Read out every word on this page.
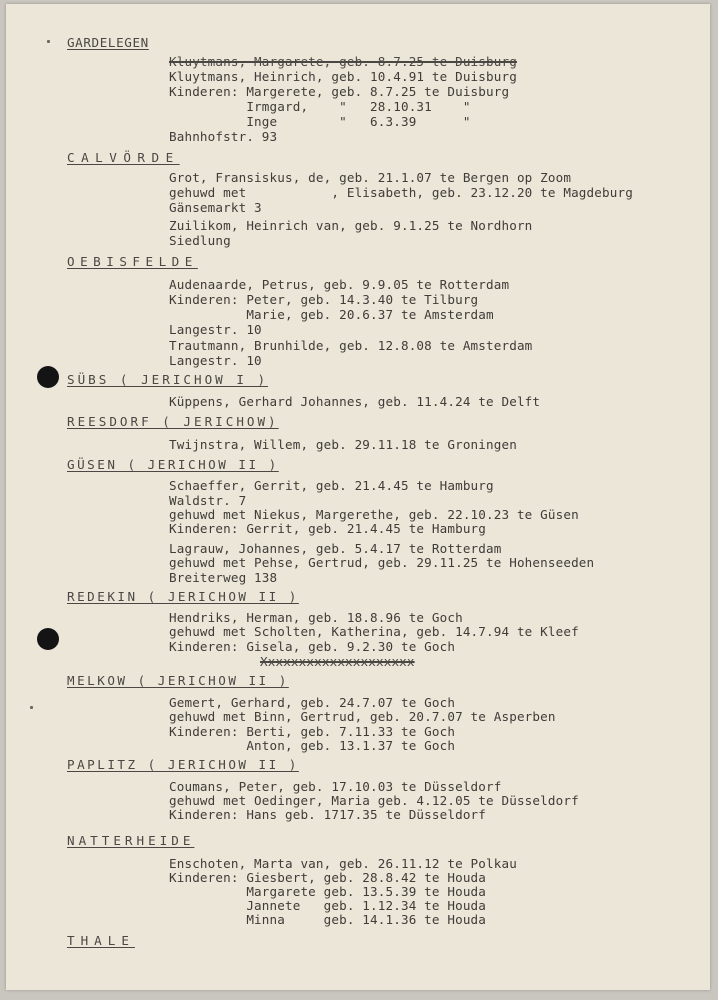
GARDELEGEN
Kluytmans, Margarete, geb. 8.7.25 te Duisburg
Kluytmans, Heinrich, geb. 10.4.91 te Duisburg
Kinderen: Margerete, geb. 8.7.25 te Duisburg
Irmgard,    "   28.10.31    "
Inge        "   6.3.39      "
Bahnhofstr. 93
CALVÖRDE
Grot, Fransiskus, de, geb. 21.1.07 te Bergen op Zoom
gehuwd met           , Elisabeth, geb. 23.12.20 te Magdeburg
Gänsemarkt 3
Zuilikom, Heinrich van, geb. 9.1.25 te Nordhorn
Siedlung
OEBISFELDE
Audenaarde, Petrus, geb. 9.9.05 te Rotterdam
Kinderen: Peter, geb. 14.3.40 te Tilburg
Marie, geb. 20.6.37 te Amsterdam
Langestr. 10
Trautmann, Brunhilde, geb. 12.8.08 te Amsterdam
Langestr. 10
SÜBS ( JERICHOW I )
Küppens, Gerhard Johannes, geb. 11.4.24 te Delft
REESDORF ( JERICHOW)
Twijnstra, Willem, geb. 29.11.18 te Groningen
GÜSEN ( JERICHOW II )
Schaeffer, Gerrit, geb. 21.4.45 te Hamburg
Waldstr. 7
gehuwd met Niekus, Margerethe, geb. 22.10.23 te Güsen
Kinderen: Gerrit, geb. 21.4.45 te Hamburg
Lagrauw, Johannes, geb. 5.4.17 te Rotterdam
gehuwd met Pehse, Gertrud, geb. 29.11.25 te Hohenseeden
Breiterweg 138
REDEKIN ( JERICHOW II )
Hendriks, Herman, geb. 18.8.96 te Goch
gehuwd met Scholten, Katherina, geb. 14.7.94 te Kleef
Kinderen: Gisela, geb. 9.2.30 te Goch
Xxxxxxxxxxxxxxxxxxxx
MELKOW ( JERICHOW II )
Gemert, Gerhard, geb. 24.7.07 te Goch
gehuwd met Binn, Gertrud, geb. 20.7.07 te Asperben
Kinderen: Berti, geb. 7.11.33 te Goch
Anton, geb. 13.1.37 te Goch
PAPLITZ ( JERICHOW II )
Coumans, Peter, geb. 17.10.03 te Düsseldorf
gehuwd met Oedinger, Maria geb. 4.12.05 te Düsseldorf
Kinderen: Hans geb. 1717.35 te Düsseldorf
NATTERHEIDE
Enschoten, Marta van, geb. 26.11.12 te Polkau
Kinderen: Giesbert, geb. 28.8.42 te Houda
Margarete geb. 13.5.39 te Houda
Jannete   geb. 1.12.34 te Houda
Minna     geb. 14.1.36 te Houda
THALE
